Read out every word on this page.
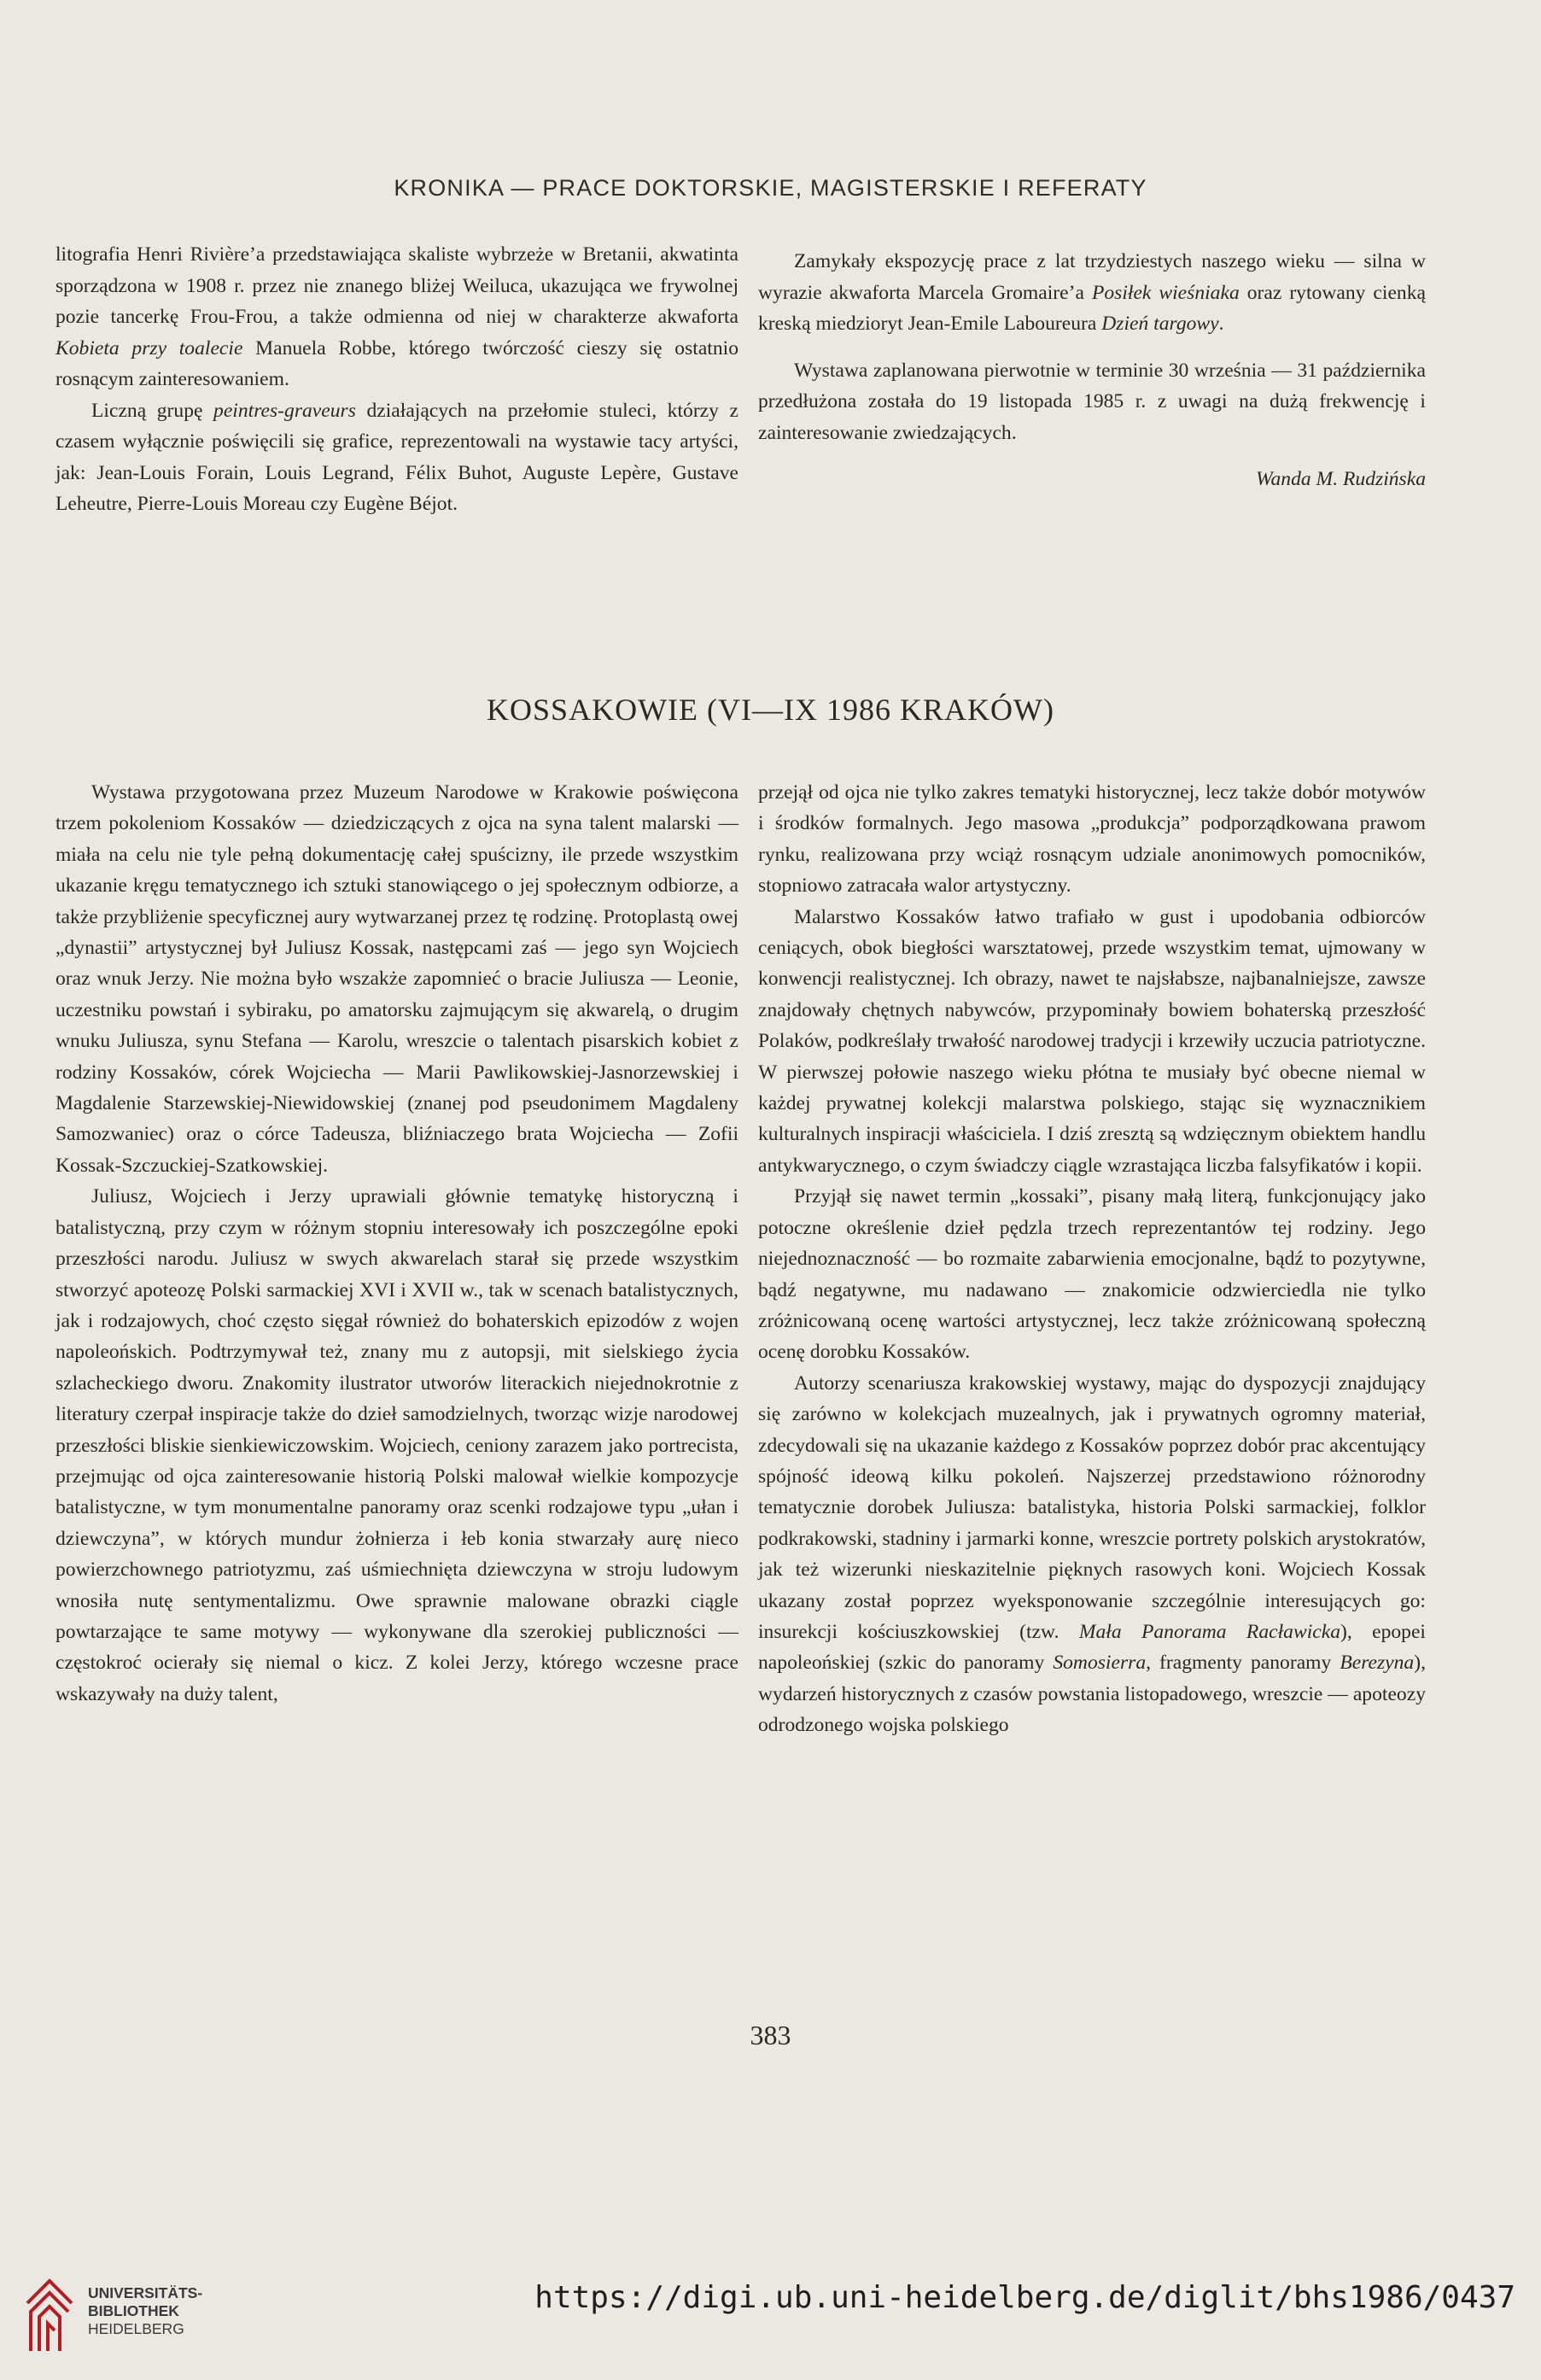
KRONIKA — PRACE DOKTORSKIE, MAGISTERSKIE I REFERATY

litografia Henri Rivière’a przedstawiająca skaliste wybrzeże w Bretanii, akwatinta sporządzona w 1908 r. przez nie znanego bliżej Weiluca, ukazująca we frywolnej pozie tancerkę Frou-Frou, a także odmienna od niej w charakterze akwaforta Kobieta przy toalecie Manuela Robbe, którego twórczość cieszy się ostatnio rosnącym zainteresowaniem.

Liczną grupę peintres-graveurs działających na przełomie stuleci, którzy z czasem wyłącznie poświęcili się grafice, reprezentowali na wystawie tacy artyści, jak: Jean-Louis Forain, Louis Legrand, Félix Buhot, Auguste Lepère, Gustave Leheutre, Pierre-Louis Moreau czy Eugène Béjot.

Zamykały ekspozycję prace z lat trzydziestych naszego wieku — silna w wyrazie akwaforta Marcela Gromaire’a Posiłek wieśniaka oraz rytowany cienką kreską miedzioryt Jean-Emile Laboureura Dzień targowy.

Wystawa zaplanowana pierwotnie w terminie 30 września — 31 października przedłużona została do 19 listopada 1985 r. z uwagi na dużą frekwencję i zainteresowanie zwiedzających.

Wanda M. Rudzińska

KOSSAKOWIE (VI—IX 1986 KRAKÓW)

Wystawa przygotowana przez Muzeum Narodowe w Krakowie poświęcona trzem pokoleniom Kossaków — dziedziczących z ojca na syna talent malarski — miała na celu nie tyle pełną dokumentację całej spuścizny, ile przede wszystkim ukazanie kręgu tematycznego ich sztuki stanowiącego o jej społecznym odbiorze, a także przybliżenie specyficznej aury wytwarzanej przez tę rodzinę. Protoplastą owej „dynastii” artystycznej był Juliusz Kossak, następcami zaś — jego syn Wojciech oraz wnuk Jerzy. Nie można było wszakże zapomnieć o bracie Juliusza — Leonie, uczestniku powstań i sybiraku, po amatorsku zajmującym się akwarelą, o drugim wnuku Juliusza, synu Stefana — Karolu, wreszcie o talentach pisarskich kobiet z rodziny Kossaków, córek Wojciecha — Marii Pawlikowskiej-Jasnorzewskiej i Magdalenie Starzewskiej-Niewidowskiej (znanej pod pseudonimem Magdaleny Samozwaniec) oraz o córce Tadeusza, bliźniaczego brata Wojciecha — Zofii Kossak-Szczuckiej-Szatkowskiej.

Juliusz, Wojciech i Jerzy uprawiali głównie tematykę historyczną i batalistyczną, przy czym w różnym stopniu interesowały ich poszczególne epoki przeszłości narodu. Juliusz w swych akwarelach starał się przede wszystkim stworzyć apoteozę Polski sarmackiej XVI i XVII w., tak w scenach batalistycznych, jak i rodzajowych, choć często sięgał również do bohaterskich epizodów z wojen napoleońskich. Podtrzymywał też, znany mu z autopsji, mit sielskiego życia szlacheckiego dworu. Znakomity ilustrator utworów literackich niejednokrotnie z literatury czerpał inspiracje także do dzieł samodzielnych, tworząc wizje narodowej przeszłości bliskie sienkiewiczowskim. Wojciech, ceniony zarazem jako portrecista, przejmując od ojca zainteresowanie historią Polski malował wielkie kompozycje batalistyczne, w tym monumentalne panoramy oraz scenki rodzajowe typu „ułan i dziewczyna”, w których mundur żołnierza i łeb konia stwarzały aurę nieco powierzchownego patriotyzmu, zaś uśmiechnięta dziewczyna w stroju ludowym wnosiła nutę sentymentalizmu. Owe sprawnie malowane obrazki ciągle powtarzające te same motywy — wykonywane dla szerokiej publiczności — częstokroć ocierały się niemal o kicz. Z kolei Jerzy, którego wczesne prace wskazywały na duży talent,

przejął od ojca nie tylko zakres tematyki historycznej, lecz także dobór motywów i środków formalnych. Jego masowa „produkcja” podporządkowana prawom rynku, realizowana przy wciąż rosnącym udziale anonimowych pomocników, stopniowo zatracała walor artystyczny.

Malarstwo Kossaków łatwo trafiało w gust i upodobania odbiorców ceniących, obok biegłości warsztatowej, przede wszystkim temat, ujmowany w konwencji realistycznej. Ich obrazy, nawet te najsłabsze, najbanalniejsze, zawsze znajdowały chętnych nabywców, przypominały bowiem bohaterską przeszłość Polaków, podkreślały trwałość narodowej tradycji i krzewiły uczucia patriotyczne. W pierwszej połowie naszego wieku płótna te musiały być obecne niemal w każdej prywatnej kolekcji malarstwa polskiego, stając się wyznacznikiem kulturalnych inspiracji właściciela. I dziś zresztą są wdzięcznym obiektem handlu antykwarycznego, o czym świadczy ciągle wzrastająca liczba falsyfikatów i kopii.

Przyjął się nawet termin „kossaki”, pisany małą literą, funkcjonujący jako potoczne określenie dzieł pędzla trzech reprezentantów tej rodziny. Jego niejednoznaczność — bo rozmaite zabarwienia emocjonalne, bądź to pozytywne, bądź negatywne, mu nadawano — znakomicie odzwierciedla nie tylko zróżnicowaną ocenę wartości artystycznej, lecz także zróżnicowaną społeczną ocenę dorobku Kossaków.

Autorzy scenariusza krakowskiej wystawy, mając do dyspozycji znajdujący się zarówno w kolekcjach muzealnych, jak i prywatnych ogromny materiał, zdecydowali się na ukazanie każdego z Kossaków poprzez dobór prac akcentujący spójność ideową kilku pokoleń. Najszerzej przedstawiono różnorodny tematycznie dorobek Juliusza: batalistyka, historia Polski sarmackiej, folklor podkrakowski, stadniny i jarmarki konne, wreszcie portrety polskich arystokratów, jak też wizerunki nieskazitelnie pięknych rasowych koni. Wojciech Kossak ukazany został poprzez wyeksponowanie szczególnie interesujących go: insurekcji kościuszkowskiej (tzw. Mała Panorama Racławicka), epopei napoleońskiej (szkic do panoramy Somosierra, fragmenty panoramy Berezyna), wydarzeń historycznych z czasów powstania listopadowego, wreszcie — apoteozy odrodzonego wojska polskiego

383
UNIVERSITÄTS-
BIBLIOTHEK
HEIDELBERG
https://digi.ub.uni-heidelberg.de/diglit/bhs1986/0437
